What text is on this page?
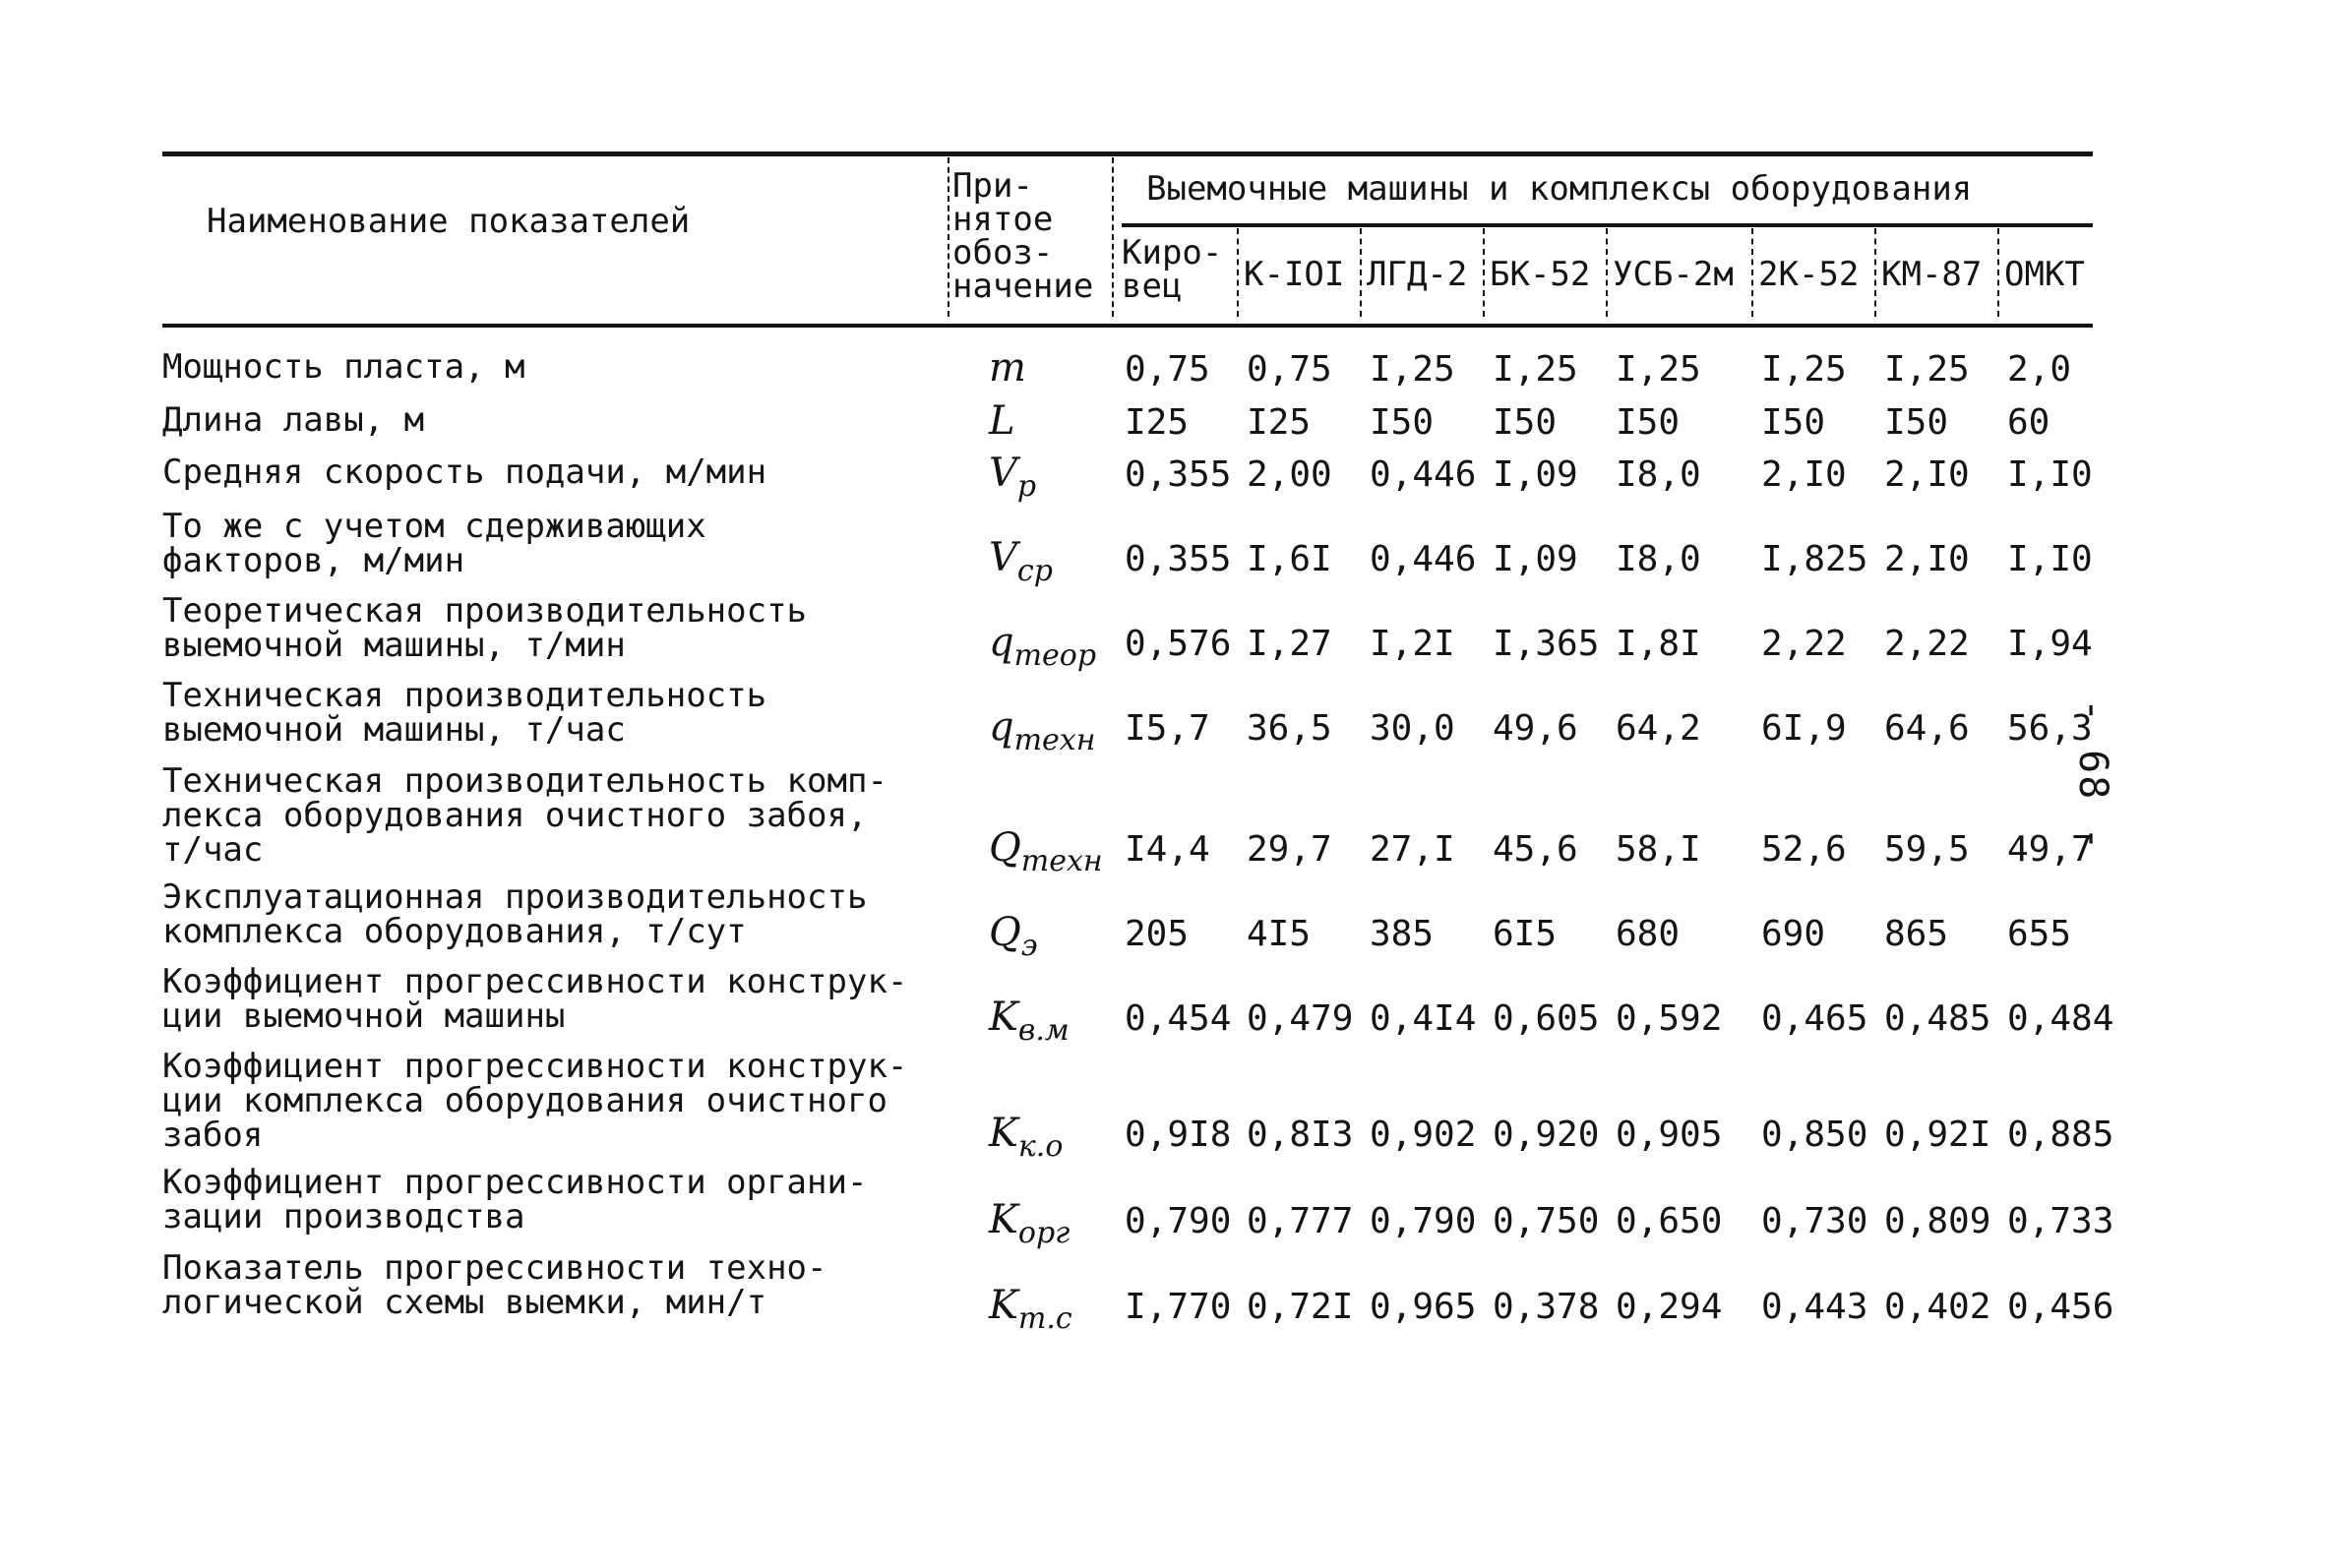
- 68 -
Наименование показателей
При-
нятое
обоз-
начение
Выемочные машины и комплексы оборудования
Киро-
вец	К-IOI ЛГД-2 БК-52 УСБ-2м 2К-52 КМ-87 ОМКТ
Мощность пласта, м	m	0,75 0,75 I,25 I,25 I,25 I,25 I,25 2,0
Длина лавы, м	L	I25 I25 I50 I50 I50 I50 I50 60
Средняя скорость подачи, м/мин	$V_р$ 0,355 2,00 0,446 I,09 I8,0 2,I0 2,I0 I,I0
То же с учетом сдерживающих
факторов, м/мин	$V_{ср}$ 0,355 I,6I 0,446 I,09 I8,0 I,825 2,I0 I,I0
Теоретическая производительность
выемочной машины, т/мин	$q_{теор}$ 0,576 I,27 I,2I I,365 I,8I 2,22 2,22 I,94
Техническая производительность
выемочной машины, т/час	$q_{техн}$ I5,7 36,5 30,0 49,6 64,2 6I,9 64,6 56,3
Техническая производительность комп-
лекса оборудования очистного забоя,
т/час	$Q_{техн}$ I4,4 29,7 27,I 45,6 58,I 52,6 59,5 49,7
Эксплуатационная производительность
комплекса оборудования, т/сут	$Q_э$ 205 4I5 385 6I5 680 690 865 655
Коэффициент прогрессивности конструк-
ции выемочной машины	$K_{в.м}$ 0,454 0,479 0,4I4 0,605 0,592 0,465 0,485 0,484
Коэффициент прогрессивности конструк-
ции комплекса оборудования очистного
забоя	$K_{к.о}$ 0,9I8 0,8I3 0,902 0,920 0,905 0,850 0,92I 0,885
Коэффициент прогрессивности органи-
зации производства	$K_{орг}$ 0,790 0,777 0,790 0,750 0,650 0,730 0,809 0,733
Показатель прогрессивности техно-
логической схемы выемки, мин/т	$K_{т.с}$ I,770 0,72I 0,965 0,378 0,294 0,443 0,402 0,456
